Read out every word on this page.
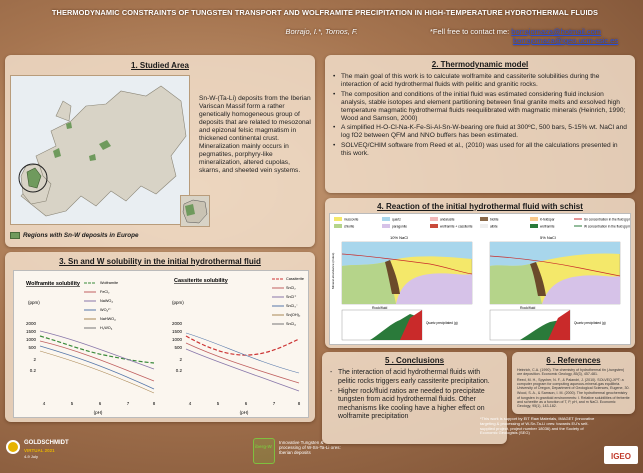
THERMODYNAMIC CONSTRAINTS OF TUNGSTEN TRANSPORT AND WOLFRAMITE PRECIPITATION IN HIGH-TEMPERATURE HYDROTHERMAL FLUIDS
Borrajo, I.*, Tornos, F.	*Fell free to contact me: borrajomaza@hotmail.com
borrajomaza@igeo.ucm-csic.es
1. Studied Area
Regions with Sn-W deposits in Europe
Sn-W-(Ta-Li) deposits from the Iberian Variscan Massif form a rather genetically homogeneous group of deposits that are related to mesozonal and epizonal felsic magmatism in thickened continental crust. Mineralization mainly occurs in pegmatites, porphyry-like mineralization, altered cupolas, skarns, and sheeted vein systems.
2. Thermodynamic model
• The main goal of this work is to calculate wolframite and cassiterite solubilities during the interaction of acid hydrothermal fluids with pelitic and granitic rocks.
• The composition and conditions of the initial fluid was estimated considering fluid inclusion analysis, stable isotopes and element partitioning between final granite melts and exsolved high temperature magmatic hydrothermal fluids reequilibrated with magmatic minerals (Heinrich, 1990; Wood and Samson, 2000)
• A simplified H-O-Cl-Na-K-Fe-Si-Al-Sn-W-bearing ore fluid at 300ºC, 500 bars, 5-15% wt. NaCl and log fO2 between QFM and NNO buffers has been estimated.
• SOLVEQ/CHIM software from Reed et al., (2010) was used for all the calculations presented in this work.
3. Sn and W solubility in the initial hydrothermal fluid
Wolframite solubility	Cassiterite solubility
(ppm)	(ppm)
2000
1500
1000
500
2
0.2
2000
1500
1000
500
2
0.2
Wolframite
FeCl₂
NaWO₄
WO₄²⁻
NaHWO₄
H₂WO₄
Cassiterite
SnCl₂
SnCl⁺
SnCl₃⁻
Sn(OH)₂
SnCl₄
4	5	6	7	8	4	5	6	7	8
(pH)	(pH)
4. Reaction of the initial hydrothermal fluid with schist
muscovite
chlorite
quartz
paragonite
andalusite
wolframite + cassiterite
biotite
albite
K-feldspar
wolframite
Sn concentration in the fluid (ppm)
W concentration in the fluid (ppm)
10% NaCl	5% NaCl
Mineral abundance (moles)
Rock/fluid
Quartz precipitated (g)
Rock/fluid
Quartz precipitated (g)
5 . Conclusions
- The interaction of acid hydrothermal fluids with pelitic rocks triggers early cassiterite precipitation.
- Higher rock/fluid ratios are needed to precipitate tungsten from acid hydrothermal fluids. Other mechanisms like cooling have a higher effect on wolframite precipitation
6 . References

Heinrich, C.A. (1990). The chemistry of hydrothermal tin (-tungsten) ore deposition. Economic Geology, 85(3), 457-481.

Reed, M. H., Spycher, N. F., & Palandri, J. (2010). SOLVEQ-XPT: a computer program for computing aqueous-mineral-gas equilibria. University of Oregon, Department of Geological Sciences, Eugene, 30.

Wood, S. A., & Samson, I. M. (2000). The hydrothermal geochemistry of tungsten in granitoid environments: I. Relative solubilities of ferberite and scheelite as a function of T, P, pH, and m NaCl. Economic Geology, 95(1), 143-182.

GOLDSCHMIDT
VIRTUAL 2021
4-9 July
iberg-W
Innovative Tungsten & processing of W-Sn-Ta-Li ores: Iberian deposits
*This work is support by EIT Raw Materials, IMAGET (Innovative targeting & processing of W-Sn-Ta-Li ores: towards EU's self-supplied project, project number 18036) and the Society of Economic Geologists (SEG)
IGEO
